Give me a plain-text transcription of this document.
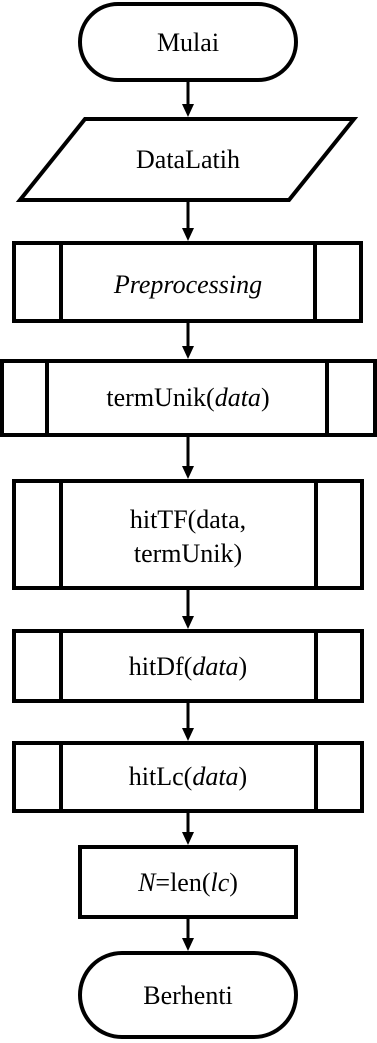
Mulai
DataLatih
Preprocessing
termUnik(data)
hitTF(data,
termUnik)
hitDf(data)
hitLc(data)
N=len(lc)
Berhenti
